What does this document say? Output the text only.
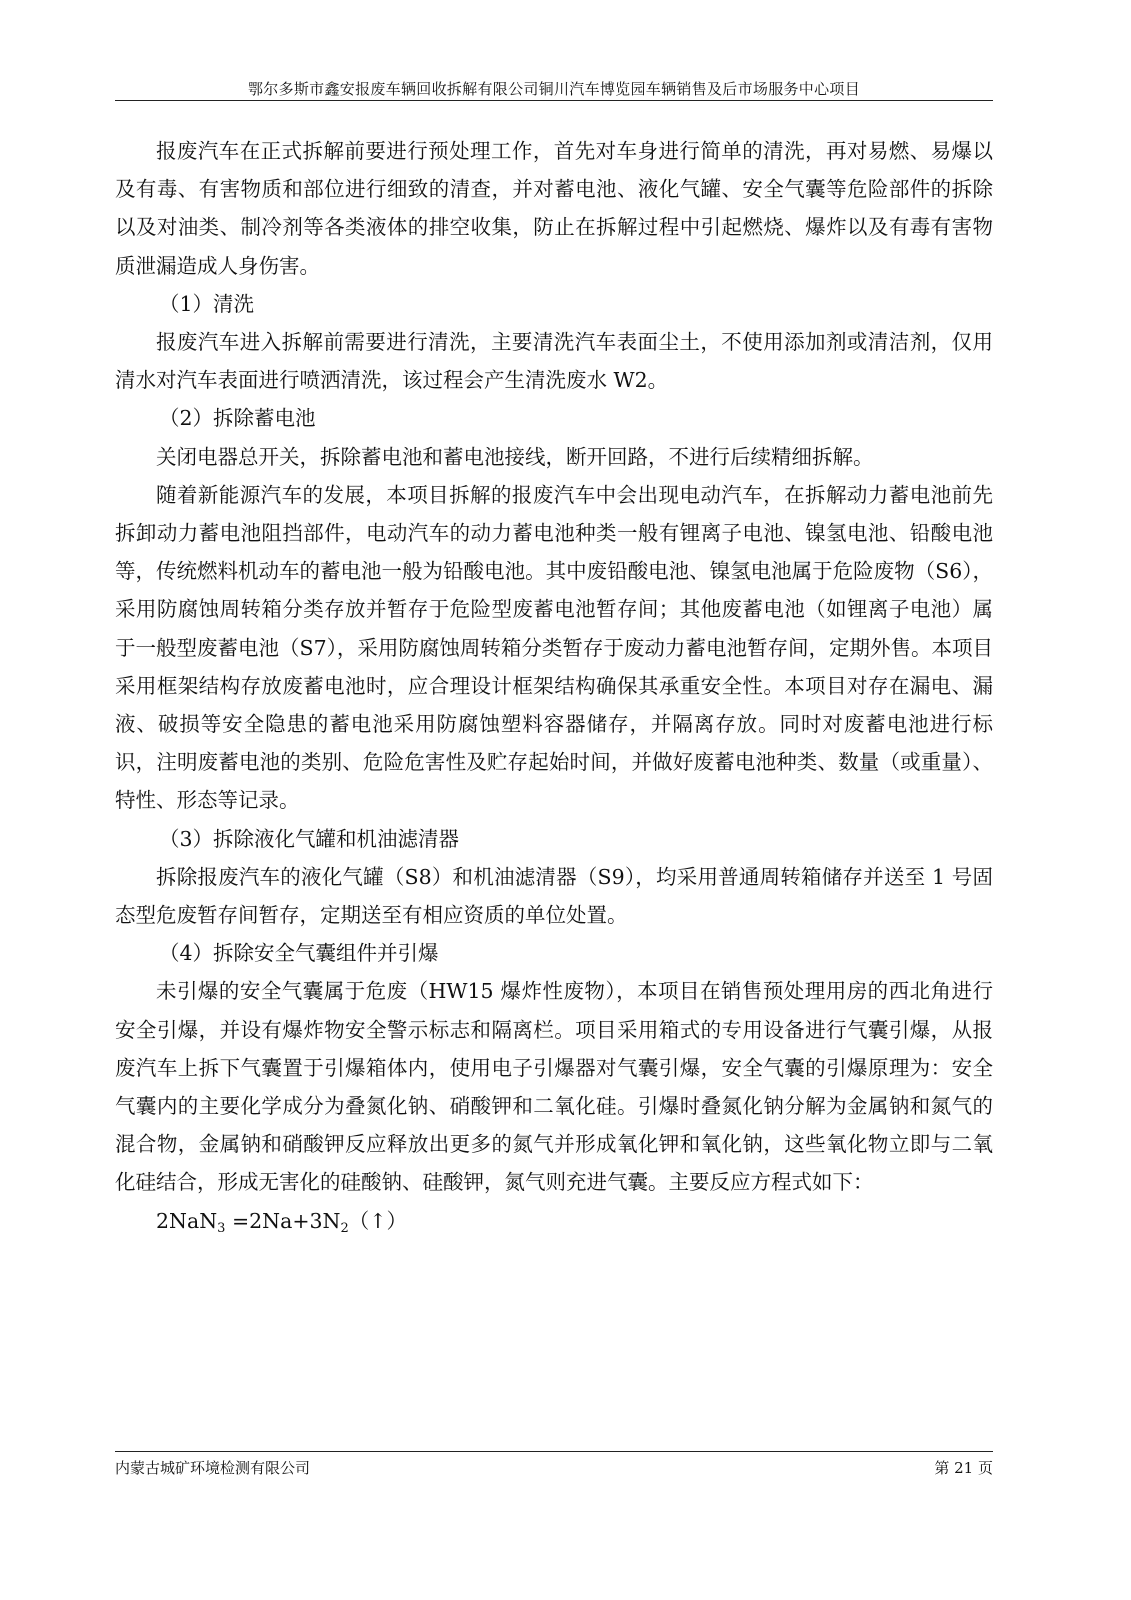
鄂尔多斯市鑫安报废车辆回收拆解有限公司铜川汽车博览园车辆销售及后市场服务中心项目

报废汽车在正式拆解前要进行预处理工作，首先对车身进行简单的清洗，再对易燃、易爆以及有毒、有害物质和部位进行细致的清查，并对蓄电池、液化气罐、安全气囊等危险部件的拆除以及对油类、制冷剂等各类液体的排空收集，防止在拆解过程中引起燃烧、爆炸以及有毒有害物质泄漏造成人身伤害。

（1）清洗

报废汽车进入拆解前需要进行清洗，主要清洗汽车表面尘土，不使用添加剂或清洁剂，仅用清水对汽车表面进行喷洒清洗，该过程会产生清洗废水 W2。

（2）拆除蓄电池

关闭电器总开关，拆除蓄电池和蓄电池接线，断开回路，不进行后续精细拆解。

随着新能源汽车的发展，本项目拆解的报废汽车中会出现电动汽车，在拆解动力蓄电池前先拆卸动力蓄电池阻挡部件，电动汽车的动力蓄电池种类一般有锂离子电池、镍氢电池、铅酸电池等，传统燃料机动车的蓄电池一般为铅酸电池。其中废铅酸电池、镍氢电池属于危险废物（S6），采用防腐蚀周转箱分类存放并暂存于危险型废蓄电池暂存间；其他废蓄电池（如锂离子电池）属于一般型废蓄电池（S7），采用防腐蚀周转箱分类暂存于废动力蓄电池暂存间，定期外售。本项目采用框架结构存放废蓄电池时，应合理设计框架结构确保其承重安全性。本项目对存在漏电、漏液、破损等安全隐患的蓄电池采用防腐蚀塑料容器储存，并隔离存放。同时对废蓄电池进行标识，注明废蓄电池的类别、危险危害性及贮存起始时间，并做好废蓄电池种类、数量（或重量）、特性、形态等记录。

（3）拆除液化气罐和机油滤清器

拆除报废汽车的液化气罐（S8）和机油滤清器（S9），均采用普通周转箱储存并送至 1 号固态型危废暂存间暂存，定期送至有相应资质的单位处置。

（4）拆除安全气囊组件并引爆

未引爆的安全气囊属于危废（HW15 爆炸性废物），本项目在销售预处理用房的西北角进行安全引爆，并设有爆炸物安全警示标志和隔离栏。项目采用箱式的专用设备进行气囊引爆，从报废汽车上拆下气囊置于引爆箱体内，使用电子引爆器对气囊引爆，安全气囊的引爆原理为：安全气囊内的主要化学成分为叠氮化钠、硝酸钾和二氧化硅。引爆时叠氮化钠分解为金属钠和氮气的混合物，金属钠和硝酸钾反应释放出更多的氮气并形成氧化钾和氧化钠，这些氧化物立即与二氧化硅结合，形成无害化的硅酸钠、硅酸钾，氮气则充进气囊。主要反应方程式如下：

2NaN3 =2Na+3N2（↑）

内蒙古城矿环境检测有限公司	第 21 页
